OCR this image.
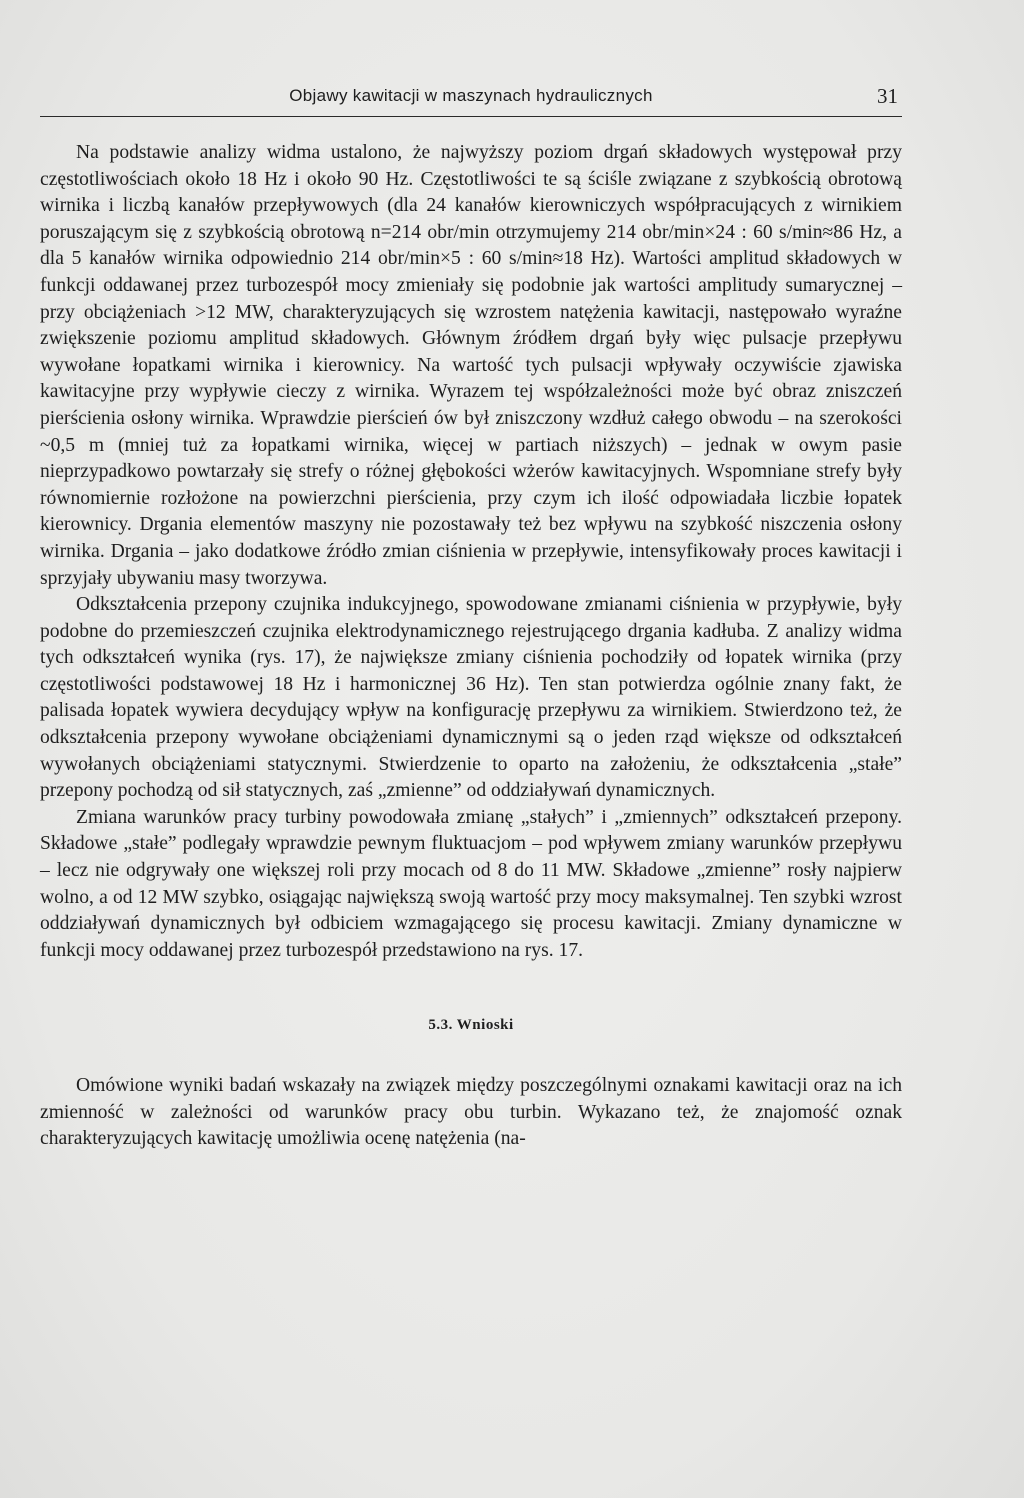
Objawy kawitacji w maszynach hydraulicznych	31

Na podstawie analizy widma ustalono, że najwyższy poziom drgań składowych występował przy częstotliwościach około 18 Hz i około 90 Hz. Częstotliwości te są ściśle związane z szybkością obrotową wirnika i liczbą kanałów przepływowych (dla 24 kanałów kierowniczych współpracujących z wirnikiem poruszającym się z szybkością obrotową n=214 obr/min otrzymujemy 214 obr/min×24 : 60 s/min≈86 Hz, a dla 5 kanałów wirnika odpowiednio 214 obr/min×5 : 60 s/min≈18 Hz). Wartości amplitud składowych w funkcji oddawanej przez turbozespół mocy zmieniały się podobnie jak wartości amplitudy sumarycznej – przy obciążeniach >12 MW, charakteryzujących się wzrostem natężenia kawitacji, następowało wyraźne zwiększenie poziomu amplitud składowych. Głównym źródłem drgań były więc pulsacje przepływu wywołane łopatkami wirnika i kierownicy. Na wartość tych pulsacji wpływały oczywiście zjawiska kawitacyjne przy wypływie cieczy z wirnika. Wyrazem tej współzależności może być obraz zniszczeń pierścienia osłony wirnika. Wprawdzie pierścień ów był zniszczony wzdłuż całego obwodu – na szerokości ~0,5 m (mniej tuż za łopatkami wirnika, więcej w partiach niższych) – jednak w owym pasie nieprzypadkowo powtarzały się strefy o różnej głębokości wżerów kawitacyjnych. Wspomniane strefy były równomiernie rozłożone na powierzchni pierścienia, przy czym ich ilość odpowiadała liczbie łopatek kierownicy. Drgania elementów maszyny nie pozostawały też bez wpływu na szybkość niszczenia osłony wirnika. Drgania – jako dodatkowe źródło zmian ciśnienia w przepływie, intensyfikowały proces kawitacji i sprzyjały ubywaniu masy tworzywa.

Odkształcenia przepony czujnika indukcyjnego, spowodowane zmianami ciśnienia w przypływie, były podobne do przemieszczeń czujnika elektrodynamicznego rejestrującego drgania kadłuba. Z analizy widma tych odkształceń wynika (rys. 17), że największe zmiany ciśnienia pochodziły od łopatek wirnika (przy częstotliwości podstawowej 18 Hz i harmonicznej 36 Hz). Ten stan potwierdza ogólnie znany fakt, że palisada łopatek wywiera decydujący wpływ na konfigurację przepływu za wirnikiem. Stwierdzono też, że odkształcenia przepony wywołane obciążeniami dynamicznymi są o jeden rząd większe od odkształceń wywołanych obciążeniami statycznymi. Stwierdzenie to oparto na założeniu, że odkształcenia „stałe” przepony pochodzą od sił statycznych, zaś „zmienne” od oddziaływań dynamicznych.

Zmiana warunków pracy turbiny powodowała zmianę „stałych” i „zmiennych” odkształceń przepony. Składowe „stałe” podlegały wprawdzie pewnym fluktuacjom – pod wpływem zmiany warunków przepływu – lecz nie odgrywały one większej roli przy mocach od 8 do 11 MW. Składowe „zmienne” rosły najpierw wolno, a od 12 MW szybko, osiągając największą swoją wartość przy mocy maksymalnej. Ten szybki wzrost oddziaływań dynamicznych był odbiciem wzmagającego się procesu kawitacji. Zmiany dynamiczne w funkcji mocy oddawanej przez turbozespół przedstawiono na rys. 17.

5.3. Wnioski

Omówione wyniki badań wskazały na związek między poszczególnymi oznakami kawitacji oraz na ich zmienność w zależności od warunków pracy obu turbin. Wykazano też, że znajomość oznak charakteryzujących kawitację umożliwia ocenę natężenia (na-
